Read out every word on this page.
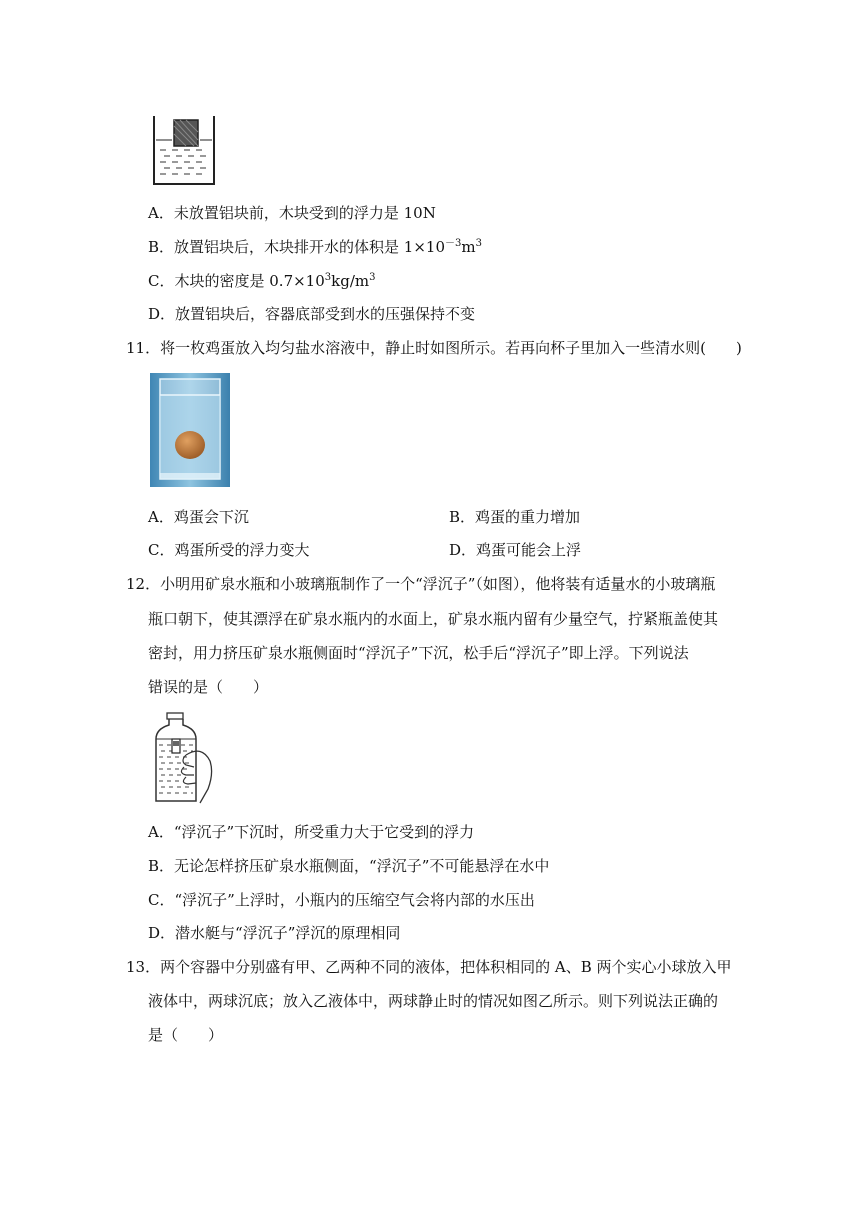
A．未放置铝块前，木块受到的浮力是 10N
B．放置铝块后，木块排开水的体积是 $1\times 10^{-3}m^3$
C．木块的密度是 $0.7\times 10^3kg/m^3$
D．放置铝块后，容器底部受到水的压强保持不变
11．将一枚鸡蛋放入均匀盐水溶液中，静止时如图所示。若再向杯子里加入一些清水则(　　)
A．鸡蛋会下沉	B．鸡蛋的重力增加
C．鸡蛋所受的浮力变大	D．鸡蛋可能会上浮
12．小明用矿泉水瓶和小玻璃瓶制作了一个“浮沉子”（如图），他将装有适量水的小玻璃瓶
瓶口朝下，使其漂浮在矿泉水瓶内的水面上，矿泉水瓶内留有少量空气，拧紧瓶盖使其
密封，用力挤压矿泉水瓶侧面时“浮沉子”下沉，松手后“浮沉子”即上浮。下列说法
错误的是（　　）
A．“浮沉子”下沉时，所受重力大于它受到的浮力
B．无论怎样挤压矿泉水瓶侧面，“浮沉子”不可能悬浮在水中
C．“浮沉子”上浮时，小瓶内的压缩空气会将内部的水压出
D．潜水艇与“浮沉子”浮沉的原理相同
13．两个容器中分别盛有甲、乙两种不同的液体，把体积相同的 A、B 两个实心小球放入甲
液体中，两球沉底；放入乙液体中，两球静止时的情况如图乙所示。则下列说法正确的
是（　　）
